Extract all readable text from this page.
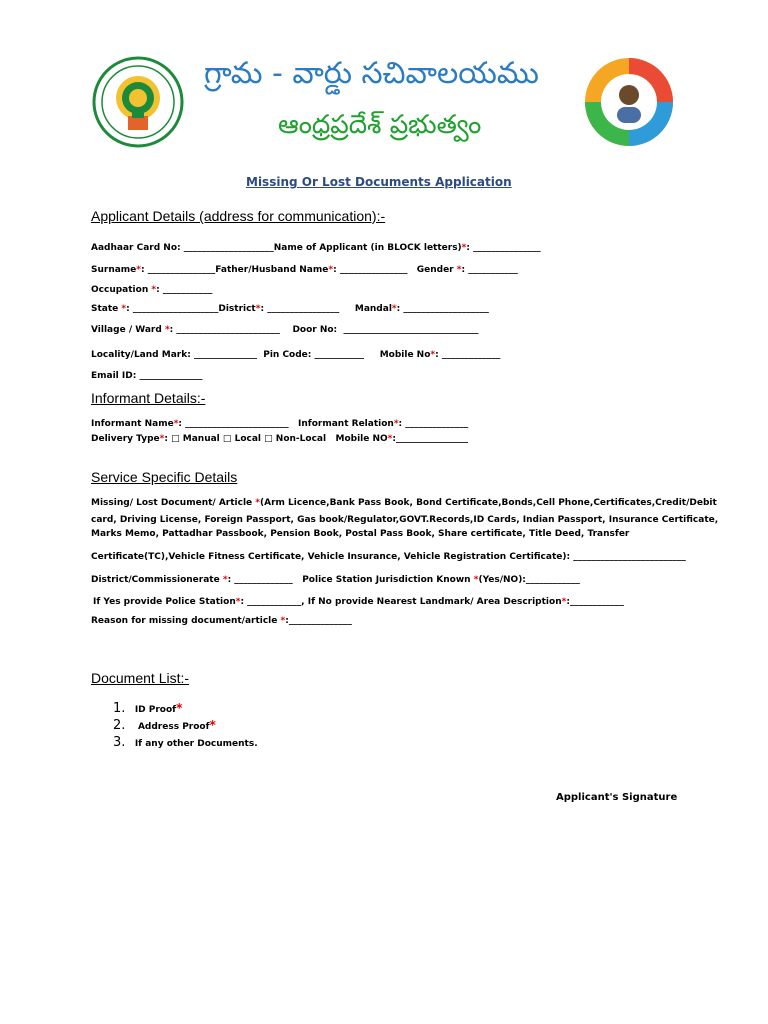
గ్రామ - వార్డు సచివాలయము
ఆంధ్రప్రదేశ్ ప్రభుత్వం
Missing Or Lost Documents Application
Applicant Details (address for communication):-
Aadhaar Card No: ____________________Name of Applicant (in BLOCK letters)*: _______________
Surname*: _______________Father/Husband Name*: _______________ Gender *: ___________
Occupation *: ___________
State *: ___________________District*: ________________ Mandal*: ___________________
Village / Ward *: _______________________ Door No: ______________________________
Locality/Land Mark: ______________ Pin Code: ___________ Mobile No*: _____________
Email ID: ______________
Informant Details:-
Informant Name*: _______________________ Informant Relation*: ______________
Delivery Type*: □ Manual □ Local □ Non-Local Mobile NO*:________________
Service Specific Details
Missing/ Lost Document/ Article *(Arm Licence,Bank Pass Book, Bond Certificate,Bonds,Cell Phone,Certificates,Credit/Debit
card, Driving License, Foreign Passport, Gas book/Regulator,GOVT.Records,ID Cards, Indian Passport, Insurance Certificate,
Marks Memo, Pattadhar Passbook, Pension Book, Postal Pass Book, Share certificate, Title Deed, Transfer
Certificate(TC),Vehicle Fitness Certificate, Vehicle Insurance, Vehicle Registration Certificate): _________________________
District/Commissionerate *: _____________ Police Station Jurisdiction Known *(Yes/NO):____________
If Yes provide Police Station*: ____________, If No provide Nearest Landmark/ Area Description*:____________
Reason for missing document/article *:______________
Document List:-
1. ID Proof*
2. Address Proof*
3. If any other Documents.
Applicant's Signature
